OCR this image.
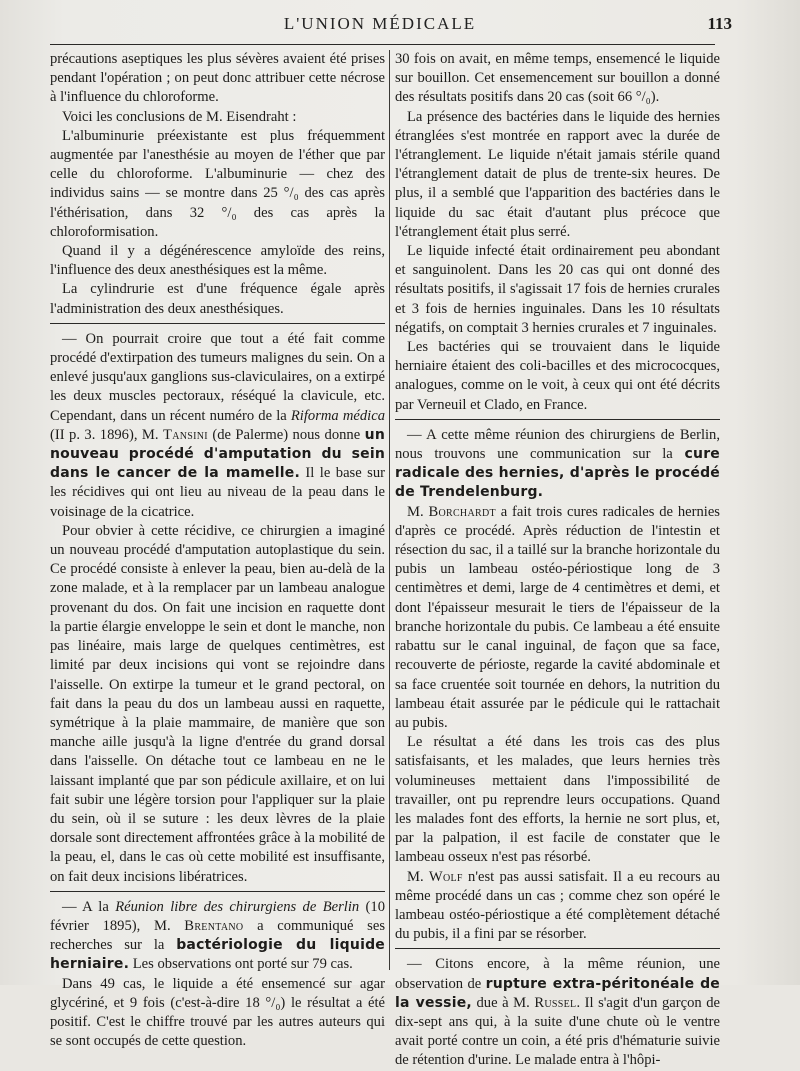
L'UNION MÉDICALE	113

précautions aseptiques les plus sévères avaient été prises pendant l'opération ; on peut donc attribuer cette nécrose à l'influence du chloroforme.

Voici les conclusions de M. Eisendraht :

L'albuminurie préexistante est plus fréquemment augmentée par l'anesthésie au moyen de l'éther que par celle du chloroforme. L'albuminurie — chez des individus sains — se montre dans 25 °/₀ des cas après l'éthérisation, dans 32 °/₀ des cas après la chloroformisation.

Quand il y a dégénérescence amyloïde des reins, l'influence des deux anesthésiques est la même.

La cylindrurie est d'une fréquence égale après l'administration des deux anesthésiques.

— On pourrait croire que tout a été fait comme procédé d'extirpation des tumeurs malignes du sein. On a enlevé jusqu'aux ganglions sus-claviculaires, on a extirpé les deux muscles pectoraux, réséqué la clavicule, etc. Cependant, dans un récent numéro de la Riforma médica (II p. 3. 1896), M. Tansini (de Palerme) nous donne un nouveau procédé d'amputation du sein dans le cancer de la mamelle. Il le base sur les récidives qui ont lieu au niveau de la peau dans le voisinage de la cicatrice.

Pour obvier à cette récidive, ce chirurgien a imaginé un nouveau procédé d'amputation autoplastique du sein. Ce procédé consiste à enlever la peau, bien au-delà de la zone malade, et à la remplacer par un lambeau analogue provenant du dos. On fait une incision en raquette dont la partie élargie enveloppe le sein et dont le manche, non pas linéaire, mais large de quelques centimètres, est limité par deux incisions qui vont se rejoindre dans l'aisselle. On extirpe la tumeur et le grand pectoral, on fait dans la peau du dos un lambeau aussi en raquette, symétrique à la plaie mammaire, de manière que son manche aille jusqu'à la ligne d'entrée du grand dorsal dans l'aisselle. On détache tout ce lambeau en ne le laissant implanté que par son pédicule axillaire, et on lui fait subir une légère torsion pour l'appliquer sur la plaie du sein, où il se suture : les deux lèvres de la plaie dorsale sont directement affrontées grâce à la mobilité de la peau, el, dans le cas où cette mobilité est insuffisante, on fait deux incisions libératrices.

— A la Réunion libre des chirurgiens de Berlin (10 février 1895), M. Brentano a communiqué ses recherches sur la bactériologie du liquide herniaire. Les observations ont porté sur 79 cas.

Dans 49 cas, le liquide a été ensemencé sur agar glycériné, et 9 fois (c'est-à-dire 18 °/₀) le résultat a été positif. C'est le chiffre trouvé par les autres auteurs qui se sont occupés de cette question.

30 fois on avait, en même temps, ensemencé le liquide sur bouillon. Cet ensemencement sur bouillon a donné des résultats positifs dans 20 cas (soit 66 °/₀).

La présence des bactéries dans le liquide des hernies étranglées s'est montrée en rapport avec la durée de l'étranglement. Le liquide n'était jamais stérile quand l'étranglement datait de plus de trente-six heures. De plus, il a semblé que l'apparition des bactéries dans le liquide du sac était d'autant plus précoce que l'étranglement était plus serré.

Le liquide infecté était ordinairement peu abondant et sanguinolent. Dans les 20 cas qui ont donné des résultats positifs, il s'agissait 17 fois de hernies crurales et 3 fois de hernies inguinales. Dans les 10 résultats négatifs, on comptait 3 hernies crurales et 7 inguinales.

Les bactéries qui se trouvaient dans le liquide herniaire étaient des coli-bacilles et des micrococques, analogues, comme on le voit, à ceux qui ont été décrits par Verneuil et Clado, en France.

— A cette même réunion des chirurgiens de Berlin, nous trouvons une communication sur la cure radicale des hernies, d'après le procédé de Trendelenburg.

M. Borchardt a fait trois cures radicales de hernies d'après ce procédé. Après réduction de l'intestin et résection du sac, il a taillé sur la branche horizontale du pubis un lambeau ostéo-périostique long de 3 centimètres et demi, large de 4 centimètres et demi, et dont l'épaisseur mesurait le tiers de l'épaisseur de la branche horizontale du pubis. Ce lambeau a été ensuite rabattu sur le canal inguinal, de façon que sa face, recouverte de périoste, regarde la cavité abdominale et sa face cruentée soit tournée en dehors, la nutrition du lambeau était assurée par le pédicule qui le rattachait au pubis.

Le résultat a été dans les trois cas des plus satisfaisants, et les malades, que leurs hernies très volumineuses mettaient dans l'impossibilité de travailler, ont pu reprendre leurs occupations. Quand les malades font des efforts, la hernie ne sort plus, et, par la palpation, il est facile de constater que le lambeau osseux n'est pas résorbé.

M. Wolf n'est pas aussi satisfait. Il a eu recours au même procédé dans un cas ; comme chez son opéré le lambeau ostéo-périostique a été complètement détaché du pubis, il a fini par se résorber.

— Citons encore, à la même réunion, une observation de rupture extra-péritonéale de la vessie, due à M. Russel. Il s'agit d'un garçon de dix-sept ans qui, à la suite d'une chute où le ventre avait porté contre un coin, a été pris d'hématurie suivie de rétention d'urine. Le malade entra à l'hôpi-
